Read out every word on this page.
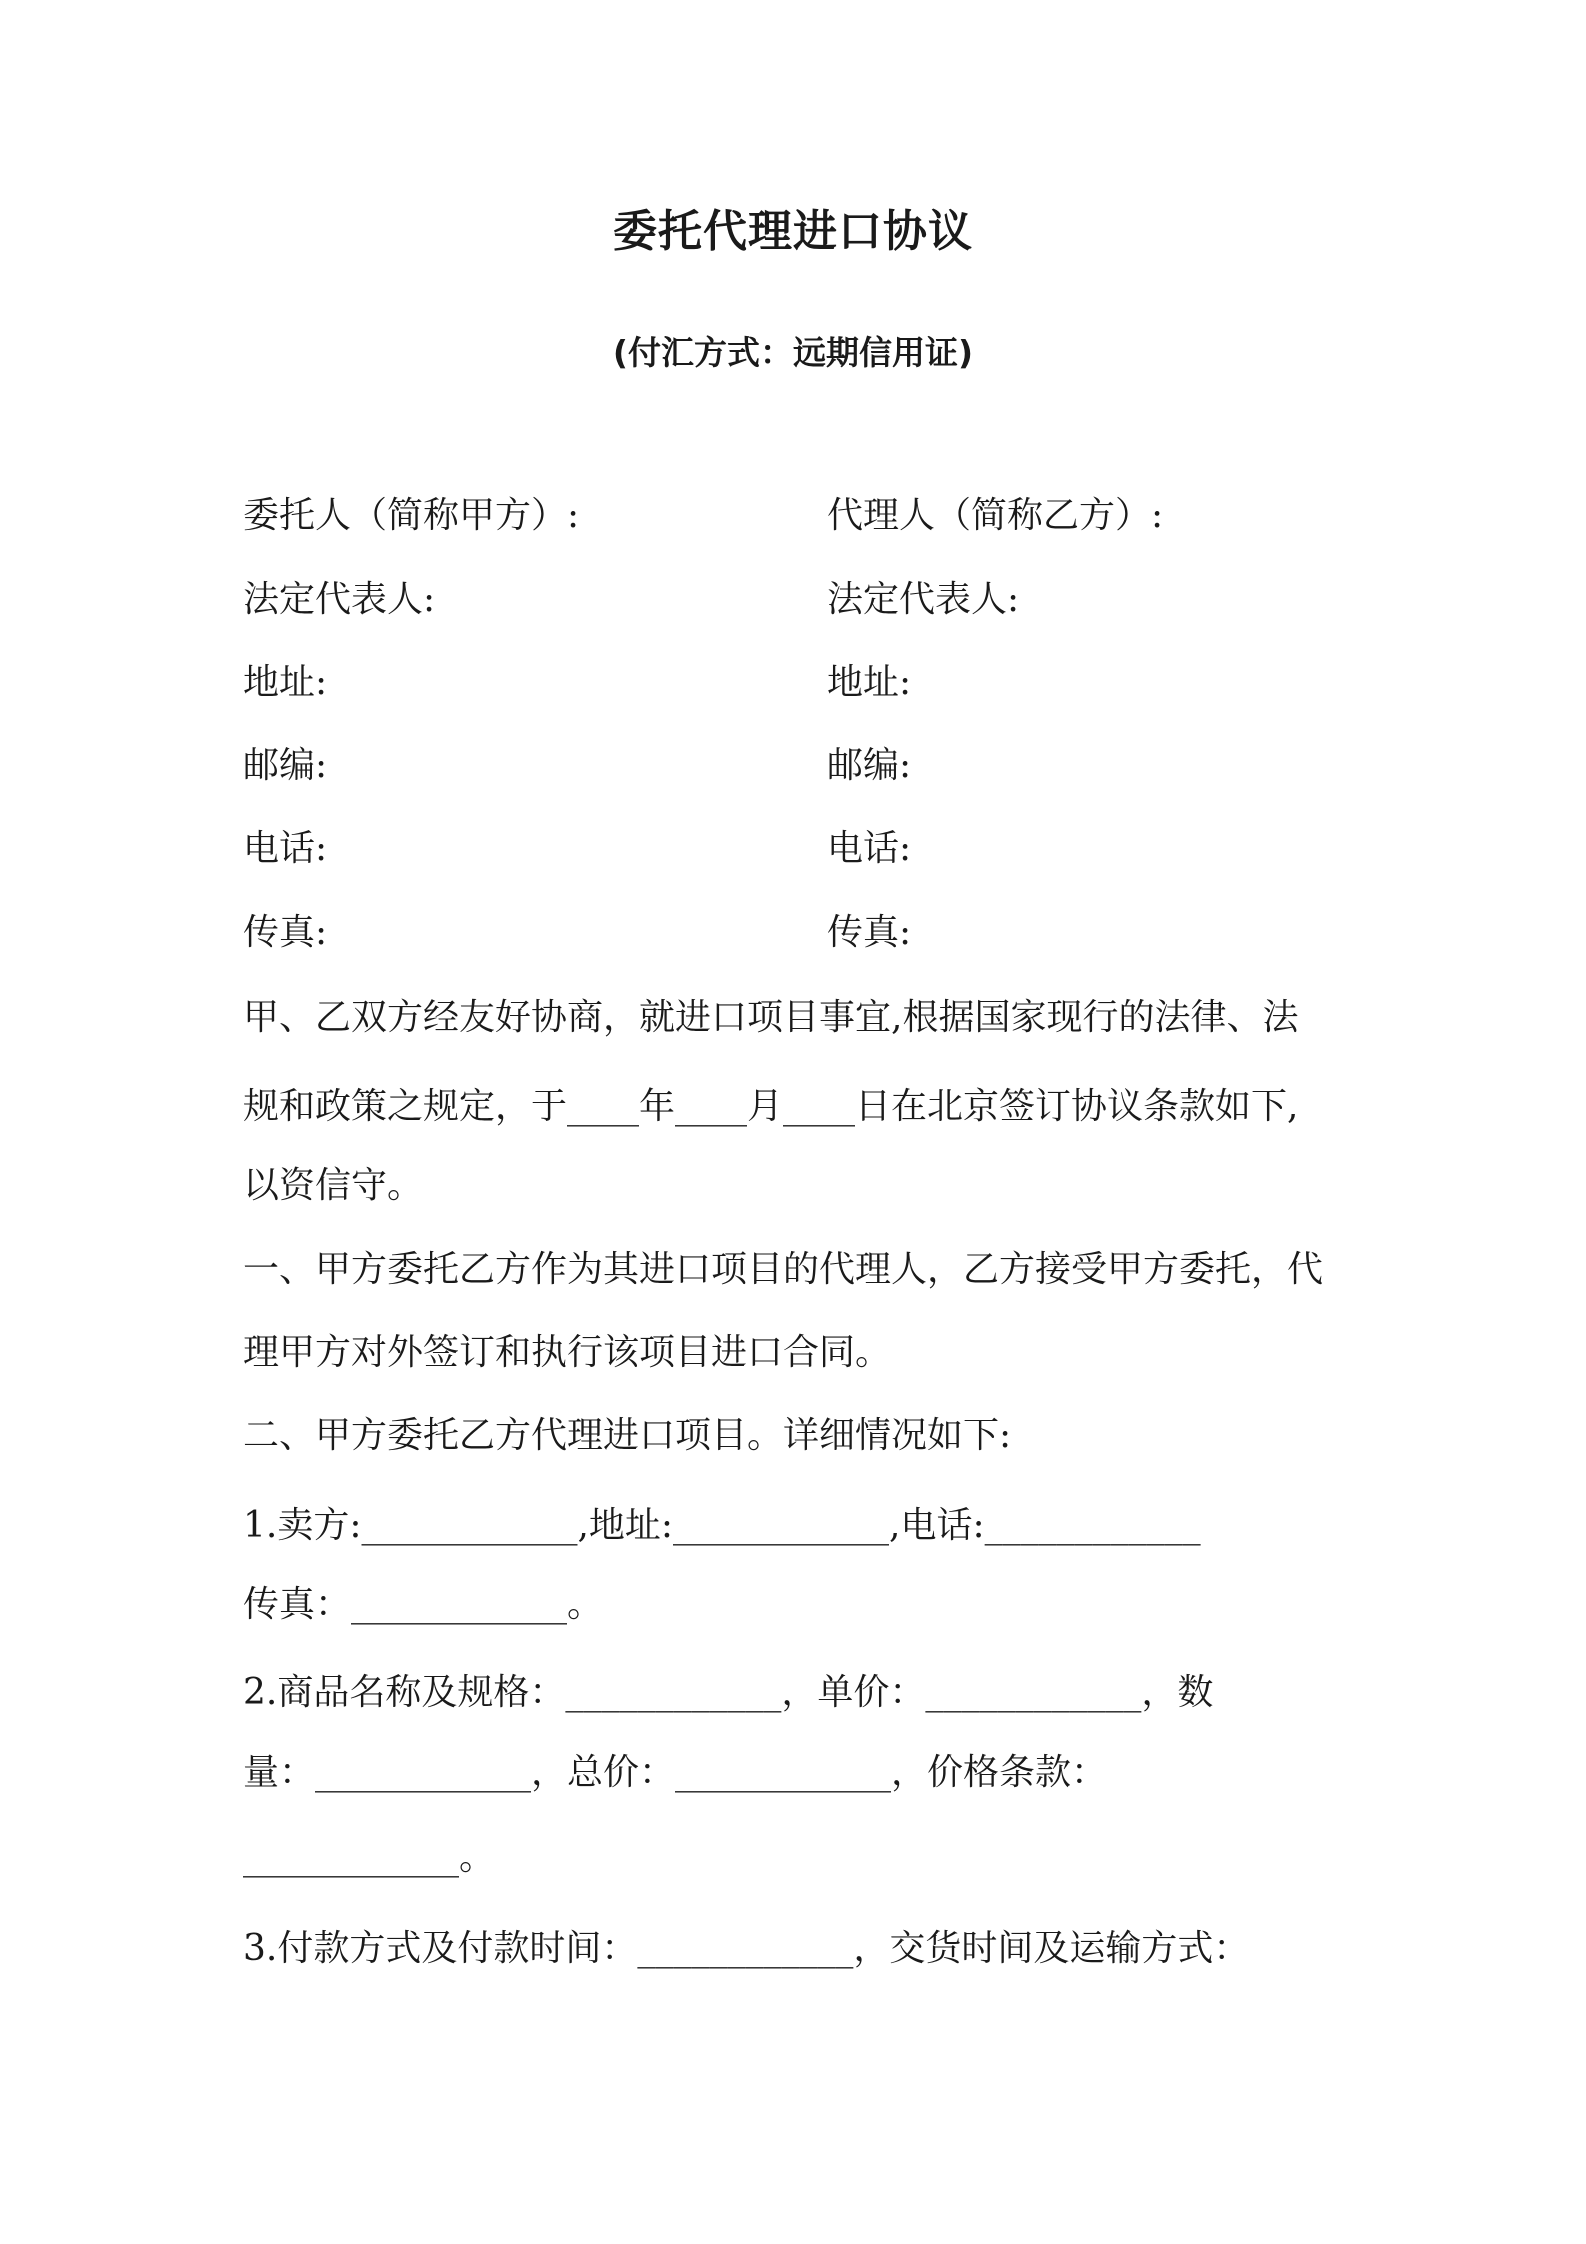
委托代理进口协议
(付汇方式：远期信用证)
委托人（简称甲方）:
法定代表人:
地址:
邮编:
电话:
传真:
代理人（简称乙方）:
法定代表人:
地址:
邮编:
电话:
传真:
甲、乙双方经友好协商，就进口项目事宜,根据国家现行的法律、法
规和政策之规定，于____年____月____日在北京签订协议条款如下,
以资信守。
一、甲方委托乙方作为其进口项目的代理人，乙方接受甲方委托，代
理甲方对外签订和执行该项目进口合同。
二、甲方委托乙方代理进口项目。详细情况如下:
1.卖方:____________,地址:____________,电话:____________
传真：____________。
2.商品名称及规格：____________，单价：____________，数
量：____________，总价：____________，价格条款：
____________。
3.付款方式及付款时间：____________，交货时间及运输方式：
